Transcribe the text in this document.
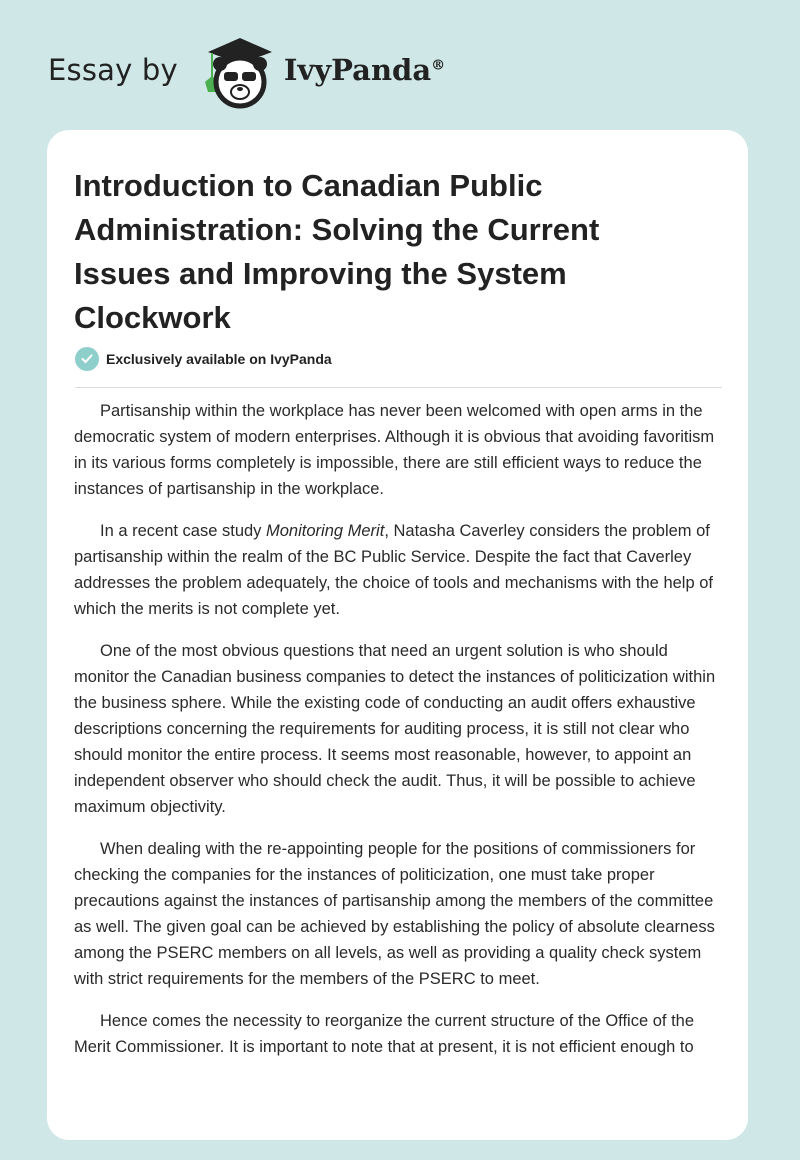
Essay by	IvyPanda®
Introduction to Canadian Public Administration: Solving the Current Issues and Improving the System Clockwork
Exclusively available on IvyPanda

Partisanship within the workplace has never been welcomed with open arms in the democratic system of modern enterprises. Although it is obvious that avoiding favoritism in its various forms completely is impossible, there are still efficient ways to reduce the instances of partisanship in the workplace.

In a recent case study Monitoring Merit, Natasha Caverley considers the problem of partisanship within the realm of the BC Public Service. Despite the fact that Caverley addresses the problem adequately, the choice of tools and mechanisms with the help of which the merits is not complete yet.

One of the most obvious questions that need an urgent solution is who should monitor the Canadian business companies to detect the instances of politicization within the business sphere. While the existing code of conducting an audit offers exhaustive descriptions concerning the requirements for auditing process, it is still not clear who should monitor the entire process. It seems most reasonable, however, to appoint an independent observer who should check the audit. Thus, it will be possible to achieve maximum objectivity.

When dealing with the re-appointing people for the positions of commissioners for checking the companies for the instances of politicization, one must take proper precautions against the instances of partisanship among the members of the committee as well. The given goal can be achieved by establishing the policy of absolute clearness among the PSERC members on all levels, as well as providing a quality check system with strict requirements for the members of the PSERC to meet.

Hence comes the necessity to reorganize the current structure of the Office of the Merit Commissioner. It is important to note that at present, it is not efficient enough to
